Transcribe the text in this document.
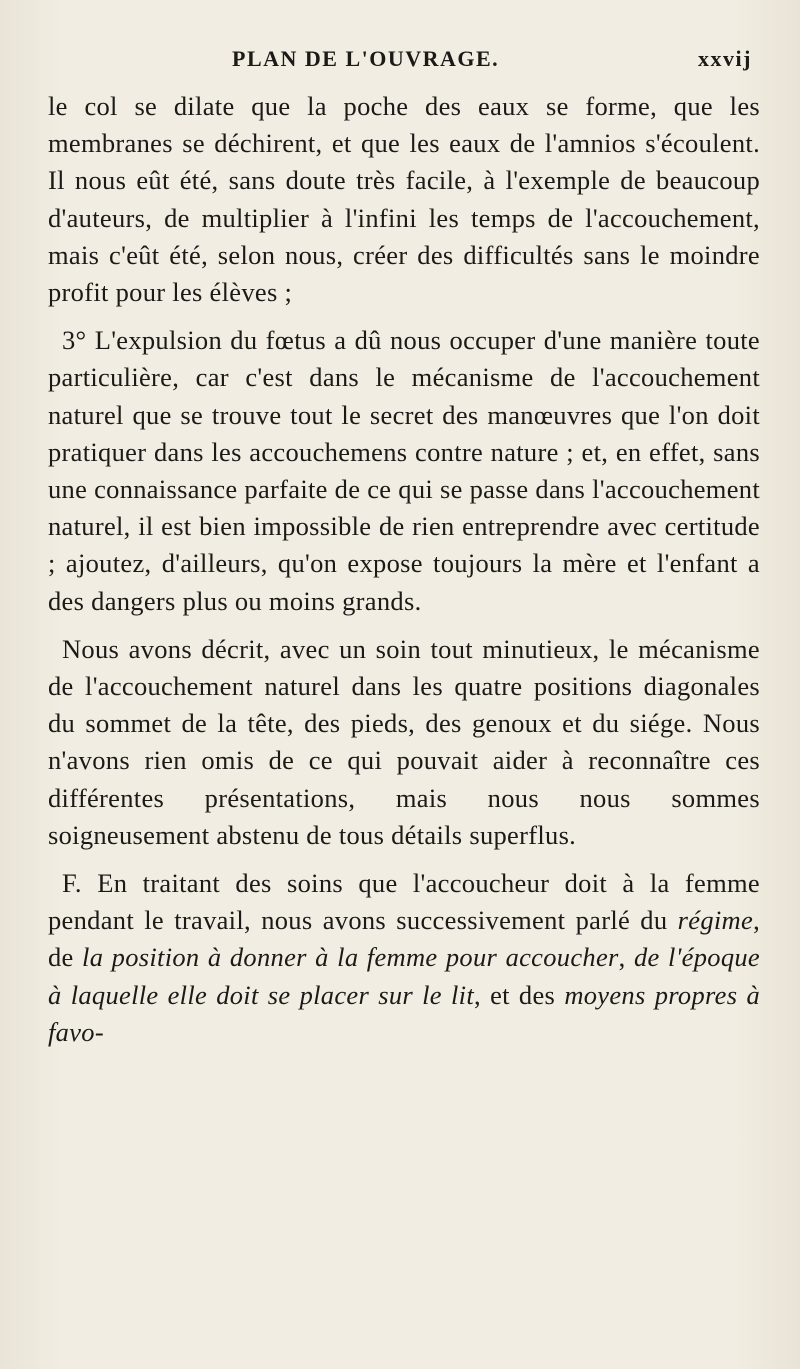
PLAN DE L'OUVRAGE.	xxvij

le col se dilate que la poche des eaux se forme, que les membranes se déchirent, et que les eaux de l'amnios s'écoulent. Il nous eût été, sans doute très facile, à l'exemple de beaucoup d'auteurs, de multiplier à l'infini les temps de l'accouchement, mais c'eût été, selon nous, créer des difficultés sans le moindre profit pour les élèves ;

3° L'expulsion du fœtus a dû nous occuper d'une manière toute particulière, car c'est dans le mécanisme de l'accouchement naturel que se trouve tout le secret des manœuvres que l'on doit pratiquer dans les accouchemens contre nature ; et, en effet, sans une connaissance parfaite de ce qui se passe dans l'accouchement naturel, il est bien impossible de rien entreprendre avec certitude ; ajoutez, d'ailleurs, qu'on expose toujours la mère et l'enfant a des dangers plus ou moins grands.

Nous avons décrit, avec un soin tout minutieux, le mécanisme de l'accouchement naturel dans les quatre positions diagonales du sommet de la tête, des pieds, des genoux et du siége. Nous n'avons rien omis de ce qui pouvait aider à reconnaître ces différentes présentations, mais nous nous sommes soigneusement abstenu de tous détails superflus.

F. En traitant des soins que l'accoucheur doit à la femme pendant le travail, nous avons successivement parlé du régime, de la position à donner à la femme pour accoucher, de l'époque à laquelle elle doit se placer sur le lit, et des moyens propres à favo-
